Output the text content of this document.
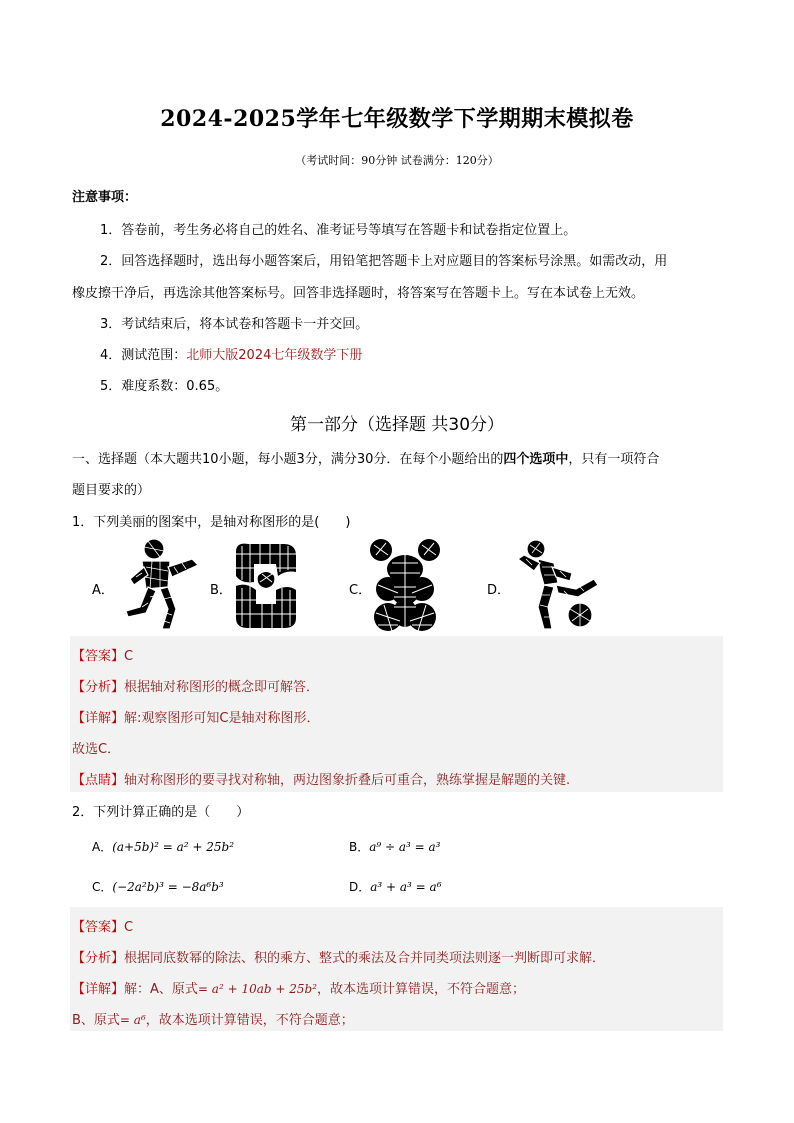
2024-2025学年七年级数学下学期期末模拟卷
（考试时间：90分钟 试卷满分：120分）
注意事项：
1．答卷前，考生务必将自己的姓名、准考证号等填写在答题卡和试卷指定位置上。
2．回答选择题时，选出每小题答案后，用铅笔把答题卡上对应题目的答案标号涂黑。如需改动，用
橡皮擦干净后，再选涂其他答案标号。回答非选择题时，将答案写在答题卡上。写在本试卷上无效。
3．考试结束后，将本试卷和答题卡一并交回。
4．测试范围：北师大版2024七年级数学下册
5．难度系数：0.65。
第一部分（选择题 共30分）
一、选择题（本大题共10小题，每小题3分，满分30分．在每个小题给出的四个选项中，只有一项符合
题目要求的）
1．下列美丽的图案中，是轴对称图形的是(　　)
A．	B．	C．	D．
【答案】C
【分析】根据轴对称图形的概念即可解答．
【详解】解:观察图形可知C是轴对称图形．
故选C．
【点睛】轴对称图形的要寻找对称轴，两边图象折叠后可重合，熟练掌握是解题的关键.
2．下列计算正确的是（　　）
A．(a+5b)² = a² + 25b²	B．a⁹ ÷ a³ = a³
C．(−2a²b)³ = −8a⁶b³	D．a³ + a³ = a⁶
【答案】C
【分析】根据同底数幂的除法、积的乘方、整式的乘法及合并同类项法则逐一判断即可求解．
【详解】解：A、原式= a² + 10ab + 25b²，故本选项计算错误，不符合题意；
B、原式= a⁶，故本选项计算错误，不符合题意；
